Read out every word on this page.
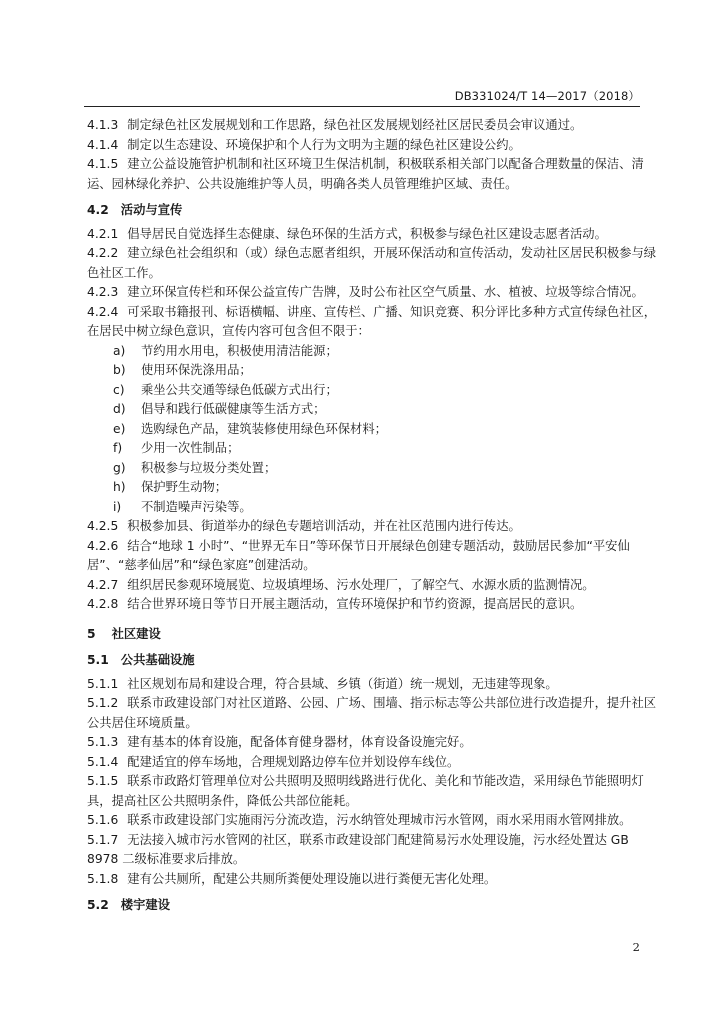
DB331024/T 14—2017（2018）
4.1.3 制定绿色社区发展规划和工作思路，绿色社区发展规划经社区居民委员会审议通过。
4.1.4 制定以生态建设、环境保护和个人行为文明为主题的绿色社区建设公约。
4.1.5 建立公益设施管护机制和社区环境卫生保洁机制，积极联系相关部门以配备合理数量的保洁、清运、园林绿化养护、公共设施维护等人员，明确各类人员管理维护区域、责任。
4.2 活动与宣传
4.2.1 倡导居民自觉选择生态健康、绿色环保的生活方式，积极参与绿色社区建设志愿者活动。
4.2.2 建立绿色社会组织和（或）绿色志愿者组织，开展环保活动和宣传活动，发动社区居民积极参与绿色社区工作。
4.2.3 建立环保宣传栏和环保公益宣传广告牌，及时公布社区空气质量、水、植被、垃圾等综合情况。
4.2.4 可采取书籍报刊、标语横幅、讲座、宣传栏、广播、知识竞赛、积分评比多种方式宣传绿色社区，在居民中树立绿色意识，宣传内容可包含但不限于：
a) 节约用水用电，积极使用清洁能源；
b) 使用环保洗涤用品；
c) 乘坐公共交通等绿色低碳方式出行；
d) 倡导和践行低碳健康等生活方式；
e) 选购绿色产品，建筑装修使用绿色环保材料；
f) 少用一次性制品；
g) 积极参与垃圾分类处置；
h) 保护野生动物；
i) 不制造噪声污染等。
4.2.5 积极参加县、街道举办的绿色专题培训活动，并在社区范围内进行传达。
4.2.6 结合“地球 1 小时”、“世界无车日”等环保节日开展绿色创建专题活动，鼓励居民参加“平安仙居”、“慈孝仙居”和“绿色家庭”创建活动。
4.2.7 组织居民参观环境展览、垃圾填埋场、污水处理厂，了解空气、水源水质的监测情况。
4.2.8 结合世界环境日等节日开展主题活动，宣传环境保护和节约资源，提高居民的意识。
5 社区建设
5.1 公共基础设施
5.1.1 社区规划布局和建设合理，符合县域、乡镇（街道）统一规划，无违建等现象。
5.1.2 联系市政建设部门对社区道路、公园、广场、围墙、指示标志等公共部位进行改造提升，提升社区公共居住环境质量。
5.1.3 建有基本的体育设施，配备体育健身器材，体育设备设施完好。
5.1.4 配建适宜的停车场地，合理规划路边停车位并划设停车线位。
5.1.5 联系市政路灯管理单位对公共照明及照明线路进行优化、美化和节能改造，采用绿色节能照明灯具，提高社区公共照明条件，降低公共部位能耗。
5.1.6 联系市政建设部门实施雨污分流改造，污水纳管处理城市污水管网，雨水采用雨水管网排放。
5.1.7 无法接入城市污水管网的社区，联系市政建设部门配建简易污水处理设施，污水经处置达 GB 8978 二级标准要求后排放。
5.1.8 建有公共厕所，配建公共厕所粪便处理设施以进行粪便无害化处理。
5.2 楼宇建设
2
